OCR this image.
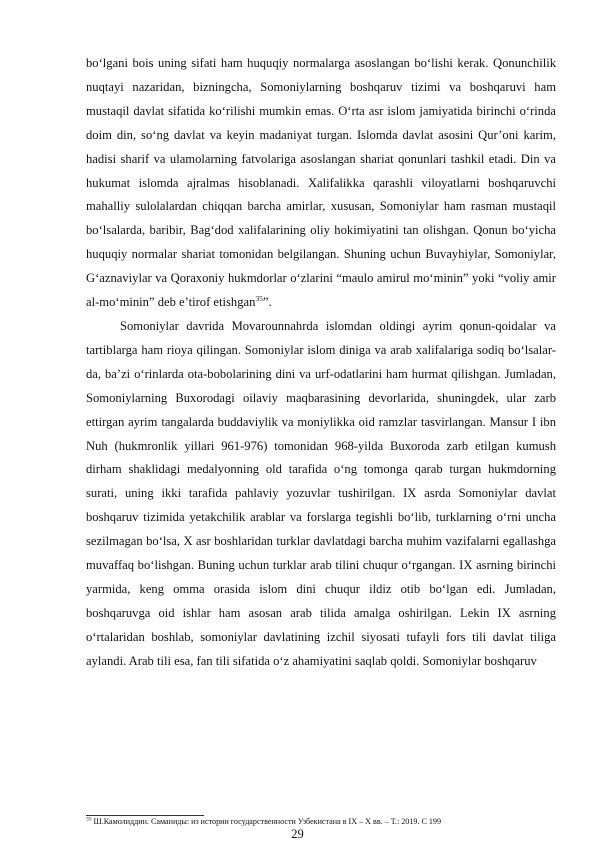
bo‘lgani bois uning sifati ham huquqiy normalarga asoslangan bo‘lishi kerak. Qonunchilik nuqtayi nazaridan, bizningcha, Somoniylarning boshqaruv tizimi va boshqaruvi ham mustaqil davlat sifatida ko‘rilishi mumkin emas. O‘rta asr islom jamiyatida birinchi o‘rinda doim din, so‘ng davlat va keyin madaniyat turgan. Islomda davlat asosini Qur’oni karim, hadisi sharif va ulamolarning fatvolariga asoslangan shariat qonunlari tashkil etadi. Din va hukumat islomda ajralmas hisoblanadi. Xalifalikka qarashli viloyatlarni boshqaruvchi mahalliy sulolalardan chiqqan barcha amirlar, xususan, Somoniylar ham rasman mustaqil bo‘lsalarda, baribir, Bag‘dod xalifalarining oliy hokimiyatini tan olishgan. Qonun bo‘yicha huquqiy normalar shariat tomonidan belgilangan. Shuning uchun Buvayhiylar, Somoniylar, G‘aznaviylar va Qoraxoniy hukmdorlar o‘zlarini “maulo amirul mo‘minin” yoki “voliy amir al-mo‘minin” deb e’tirof etishgan$^{35}$”.

Somoniylar davrida Movarounnahrda islomdan oldingi ayrim qonun-qoidalar va tartiblarga ham rioya qilingan. Somoniylar islom diniga va arab xalifalariga sodiq bo‘lsalar-da, ba’zi o‘rinlarda ota-bobolarining dini va urf-odatlarini ham hurmat qilishgan. Jumladan, Somoniylarning Buxorodagi oilaviy maqbarasining devorlarida, shuningdek, ular zarb ettirgan ayrim tangalarda buddaviylik va moniylikka oid ramzlar tasvirlangan. Mansur I ibn Nuh (hukmronlik yillari 961-976) tomonidan 968-yilda Buxoroda zarb etilgan kumush dirham shaklidagi medalyonning old tarafida o‘ng tomonga qarab turgan hukmdorning surati, uning ikki tarafida pahlaviy yozuvlar tushirilgan. IX asrda Somoniylar davlat boshqaruv tizimida yetakchilik arablar va forslarga tegishli bo‘lib, turklarning o‘rni uncha sezilmagan bo‘lsa, X asr boshlaridan turklar davlatdagi barcha muhim vazifalarni egallashga muvaffaq bo‘lishgan. Buning uchun turklar arab tilini chuqur o‘rgangan. IX asrning birinchi yarmida, keng omma orasida islom dini chuqur ildiz otib bo‘lgan edi. Jumladan, boshqaruvga oid ishlar ham asosan arab tilida amalga oshirilgan. Lekin IX asrning o‘rtalaridan boshlab, somoniylar davlatining izchil siyosati tufayli fors tili davlat tiliga aylandi. Arab tili esa, fan tili sifatida o‘z ahamiyatini saqlab qoldi. Somoniylar boshqaruv

$^{35}$ Ш.Камолиддин. Саманиды: из истории государственности Узбекистана в IX – X вв. – Т.: 2019. С 199
29
